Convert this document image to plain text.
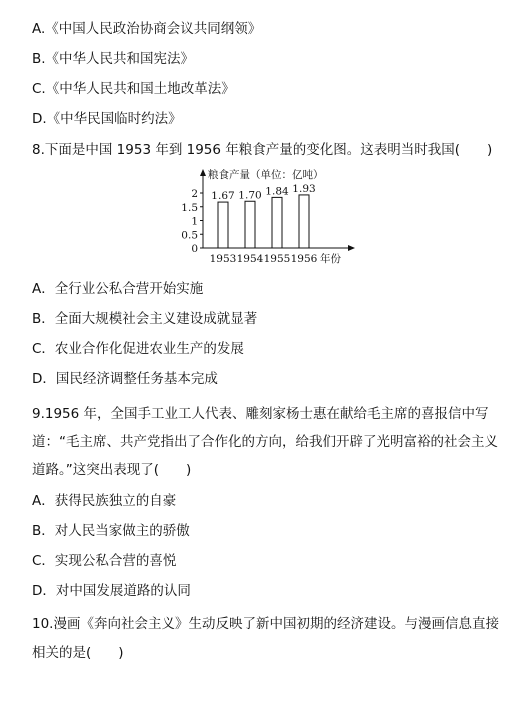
A.《中国人民政治协商会议共同纲领》
B.《中华人民共和国宪法》
C.《中华人民共和国土地改革法》
D.《中华民国临时约法》
8.下面是中国 1953 年到 1956 年粮食产量的变化图。这表明当时我国(　　)
粮食产量（单位：亿吨）
年份
2
1.5
1
0.5
0
1.67
1953
1.70
1954
1.84
1955
1.93
1956
A．全行业公私合营开始实施
B．全面大规模社会主义建设成就显著
C．农业合作化促进农业生产的发展
D．国民经济调整任务基本完成
9.1956 年，全国手工业工人代表、雕刻家杨士惠在献给毛主席的喜报信中写道：“毛主席、共产党指出了合作化的方向，给我们开辟了光明富裕的社会主义道路。”这突出表现了(　　)
A．获得民族独立的自豪
B．对人民当家做主的骄傲
C．实现公私合营的喜悦
D．对中国发展道路的认同
10.漫画《奔向社会主义》生动反映了新中国初期的经济建设。与漫画信息直接相关的是(　　)
